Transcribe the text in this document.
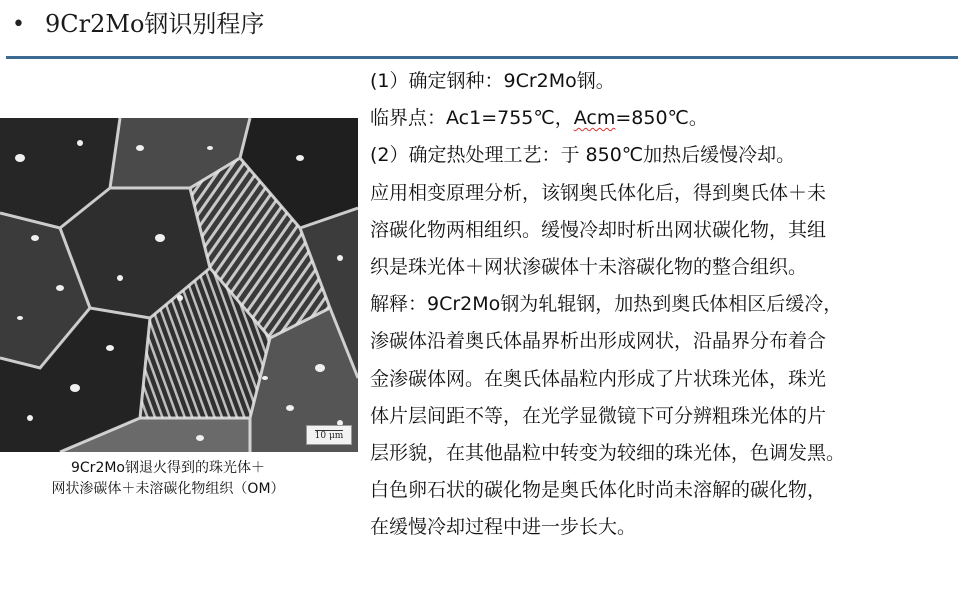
• 9Cr2Mo钢识别程序
10 μm
9Cr2Mo钢退火得到的珠光体＋
网状渗碳体＋未溶碳化物组织（OM）
(1）确定钢种：9Cr2Mo钢。
临界点：Ac1=755℃，Acm=850℃。
(2）确定热处理工艺：于 850℃加热后缓慢冷却。
应用相变原理分析，该钢奥氏体化后，得到奥氏体＋未
溶碳化物两相组织。缓慢冷却时析出网状碳化物，其组
织是珠光体＋网状渗碳体十未溶碳化物的整合组织。
解释：9Cr2Mo钢为轧辊钢，加热到奥氏体相区后缓冷，
渗碳体沿着奥氏体晶界析出形成网状，沿晶界分布着合
金渗碳体网。在奥氏体晶粒内形成了片状珠光体，珠光
体片层间距不等，在光学显微镜下可分辨粗珠光体的片
层形貌，在其他晶粒中转变为较细的珠光体，色调发黑。
白色卵石状的碳化物是奥氏体化时尚未溶解的碳化物，
在缓慢冷却过程中进一步长大。
